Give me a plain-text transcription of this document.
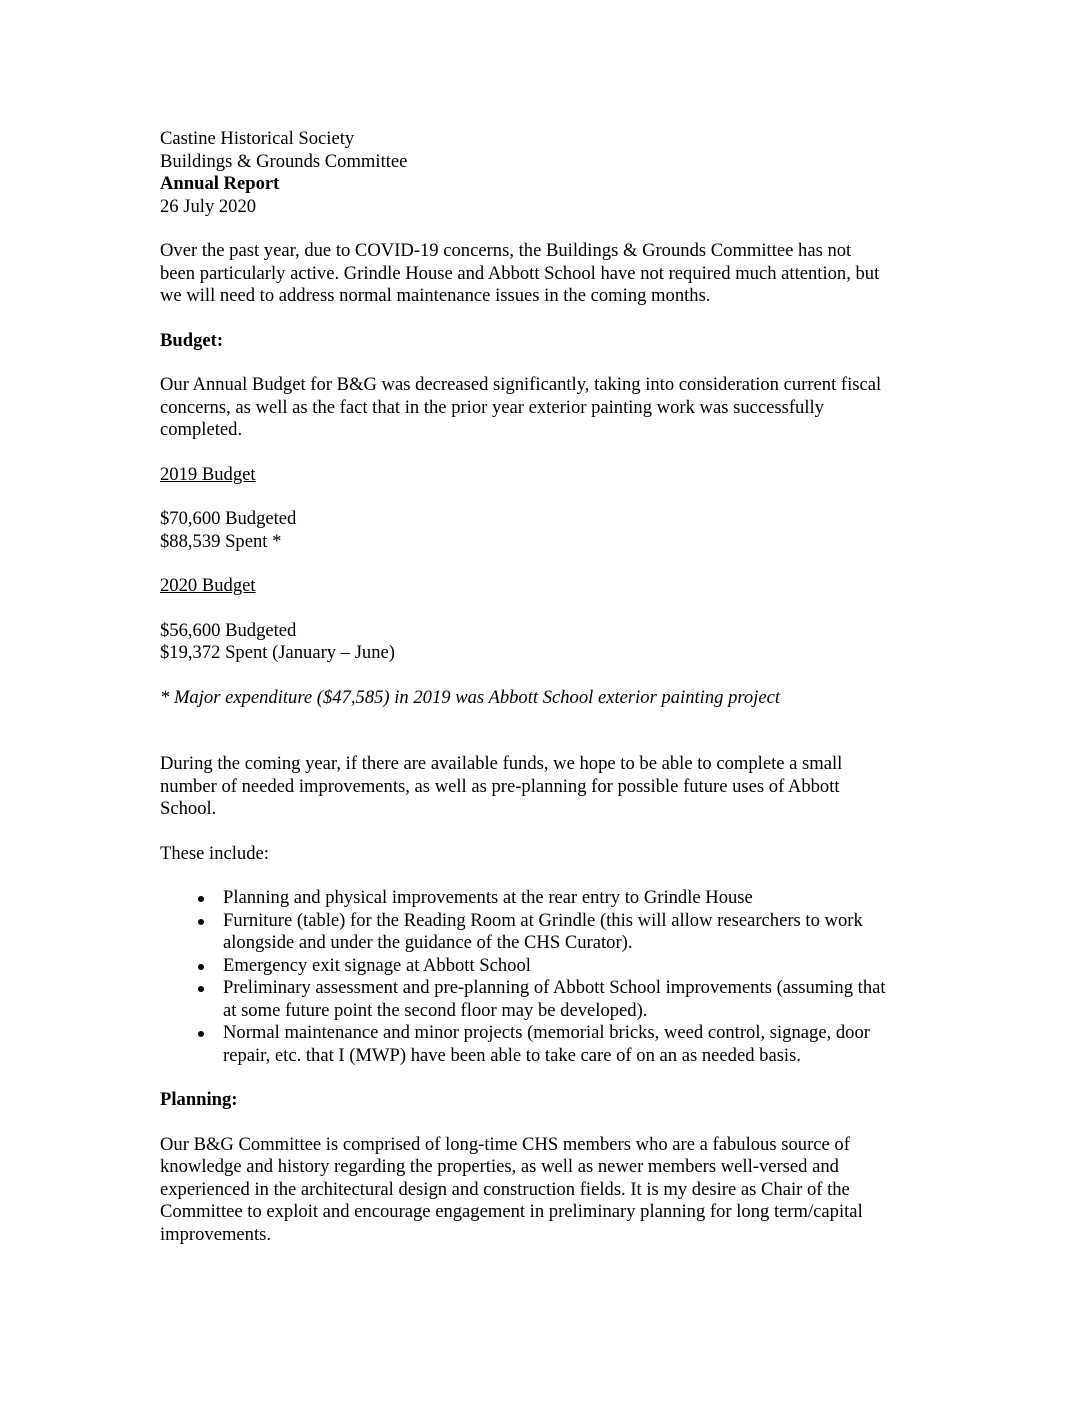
Castine Historical Society
Buildings & Grounds Committee
Annual Report
26 July 2020
Over the past year, due to COVID-19 concerns, the Buildings & Grounds Committee has not
been particularly active. Grindle House and Abbott School have not required much attention, but
we will need to address normal maintenance issues in the coming months.
Budget:
Our Annual Budget for B&G was decreased significantly, taking into consideration current fiscal
concerns, as well as the fact that in the prior year exterior painting work was successfully
completed.
2019 Budget
$70,600 Budgeted
$88,539 Spent *
2020 Budget
$56,600 Budgeted
$19,372 Spent (January – June)
* Major expenditure ($47,585) in 2019 was Abbott School exterior painting project
During the coming year, if there are available funds, we hope to be able to complete a small
number of needed improvements, as well as pre-planning for possible future uses of Abbott
School.
These include:
Planning and physical improvements at the rear entry to Grindle House
Furniture (table) for the Reading Room at Grindle (this will allow researchers to work
alongside and under the guidance of the CHS Curator).
Emergency exit signage at Abbott School
Preliminary assessment and pre-planning of Abbott School improvements (assuming that
at some future point the second floor may be developed).
Normal maintenance and minor projects (memorial bricks, weed control, signage, door
repair, etc. that I (MWP) have been able to take care of on an as needed basis.
Planning:
Our B&G Committee is comprised of long-time CHS members who are a fabulous source of
knowledge and history regarding the properties, as well as newer members well-versed and
experienced in the architectural design and construction fields. It is my desire as Chair of the
Committee to exploit and encourage engagement in preliminary planning for long term/capital
improvements.
